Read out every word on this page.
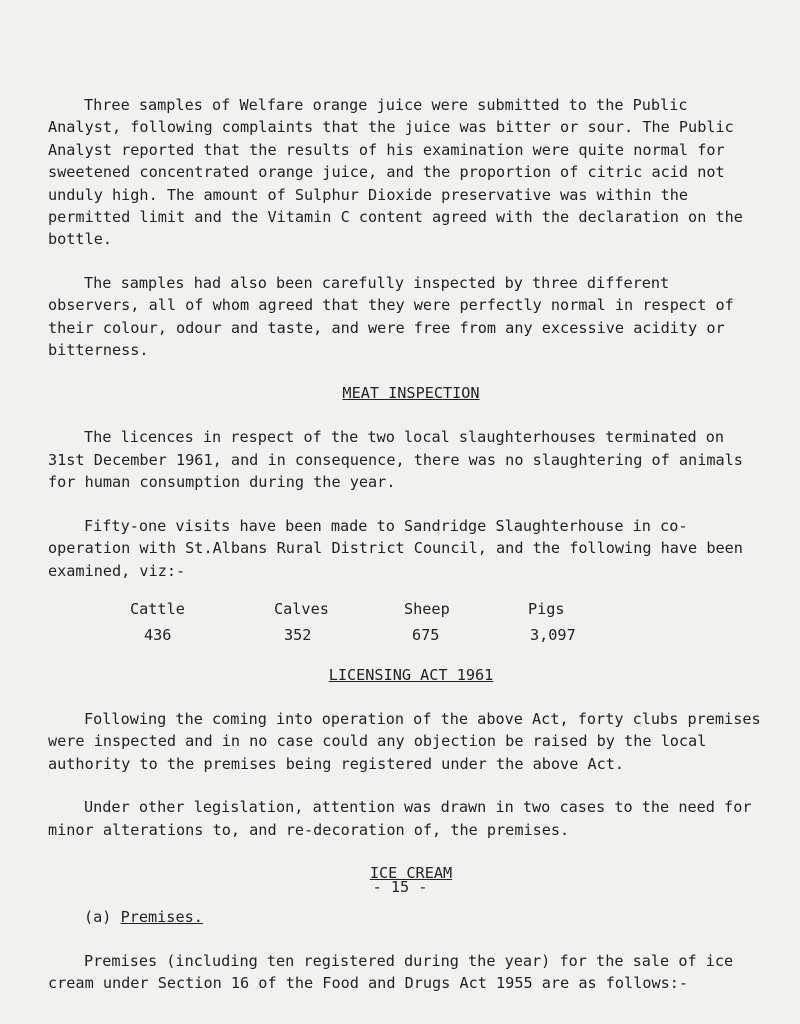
Three samples of Welfare orange juice were submitted to the Public Analyst, following complaints that the juice was bitter or sour. The Public Analyst reported that the results of his examination were quite normal for sweetened concentrated orange juice, and the proportion of citric acid not unduly high. The amount of Sulphur Dioxide preservative was within the permitted limit and the Vitamin C content agreed with the declaration on the bottle.

The samples had also been carefully inspected by three different observers, all of whom agreed that they were perfectly normal in respect of their colour, odour and taste, and were free from any excessive acidity or bitterness.

MEAT INSPECTION

The licences in respect of the two local slaughterhouses terminated on 31st December 1961, and in consequence, there was no slaughtering of animals for human consumption during the year.

Fifty-one visits have been made to Sandridge Slaughterhouse in co-operation with St.Albans Rural District Council, and the following have been examined, viz:-

Cattle	Calves	Sheep	Pigs
436	352	675	3,097
LICENSING ACT 1961

Following the coming into operation of the above Act, forty clubs premises were inspected and in no case could any objection be raised by the local authority to the premises being registered under the above Act.

Under other legislation, attention was drawn in two cases to the need for minor alterations to, and re-decoration of, the premises.

ICE CREAM
(a) Premises.

Premises (including ten registered during the year) for the sale of ice cream under Section 16 of the Food and Drugs Act 1955 are as follows:-

- 15 -
